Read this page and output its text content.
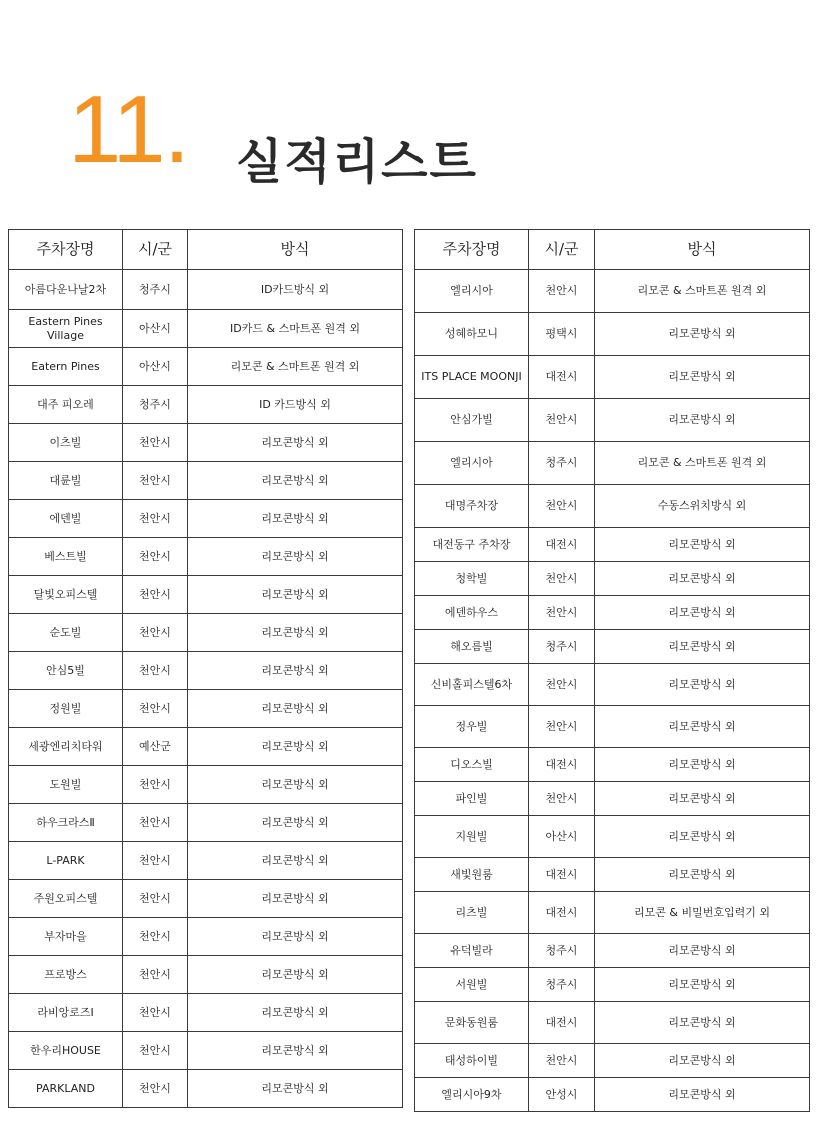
11. 실적리스트
주차장명	시/군	방식
아름다운나날2차	청주시	ID카드방식 외
Eastern Pines Village	아산시	ID카드 & 스마트폰 원격 외
Eatern Pines	아산시	리모콘 & 스마트폰 원격 외
대주 피오레	청주시	ID 카드방식 외
이츠빌	천안시	리모콘방식 외
대륜빌	천안시	리모콘방식 외
에덴빌	천안시	리모콘방식 외
베스트빌	천안시	리모콘방식 외
달빛오피스텔	천안시	리모콘방식 외
순도빌	천안시	리모콘방식 외
안심5빌	천안시	리모콘방식 외
정원빌	천안시	리모콘방식 외
세광엔리치타워	예산군	리모콘방식 외
도원빌	천안시	리모콘방식 외
하우크라스Ⅱ	천안시	리모콘방식 외
L-PARK	천안시	리모콘방식 외
주원오피스텔	천안시	리모콘방식 외
부자마을	천안시	리모콘방식 외
프로방스	천안시	리모콘방식 외
라비앙로즈Ⅰ	천안시	리모콘방식 외
한우리HOUSE	천안시	리모콘방식 외
PARKLAND	천안시	리모콘방식 외
주차장명	시/군	방식
엘리시아	천안시	리모콘 & 스마트폰 원격 외
성혜하모니	평택시	리모콘방식 외
ITS PLACE MOONJI	대전시	리모콘방식 외
안심가빌	천안시	리모콘방식 외
엘리시아	청주시	리모콘 & 스마트폰 원격 외
대명주차장	천안시	수동스위치방식 외
대전동구 주차장	대전시	리모콘방식 외
청학빌	천안시	리모콘방식 외
에덴하우스	천안시	리모콘방식 외
해오름빌	청주시	리모콘방식 외
신비홀피스텔6차	천안시	리모콘방식 외
정우빌	천안시	리모콘방식 외
디오스빌	대전시	리모콘방식 외
파인빌	천안시	리모콘방식 외
지원빌	아산시	리모콘방식 외
새빛원룸	대전시	리모콘방식 외
리츠빌	대전시	리모콘 & 비밀번호입력기 외
유덕빌라	청주시	리모콘방식 외
서원빌	청주시	리모콘방식 외
문화동원룸	대전시	리모콘방식 외
태성하이빌	천안시	리모콘방식 외
엘리시아9차	안성시	리모콘방식 외
